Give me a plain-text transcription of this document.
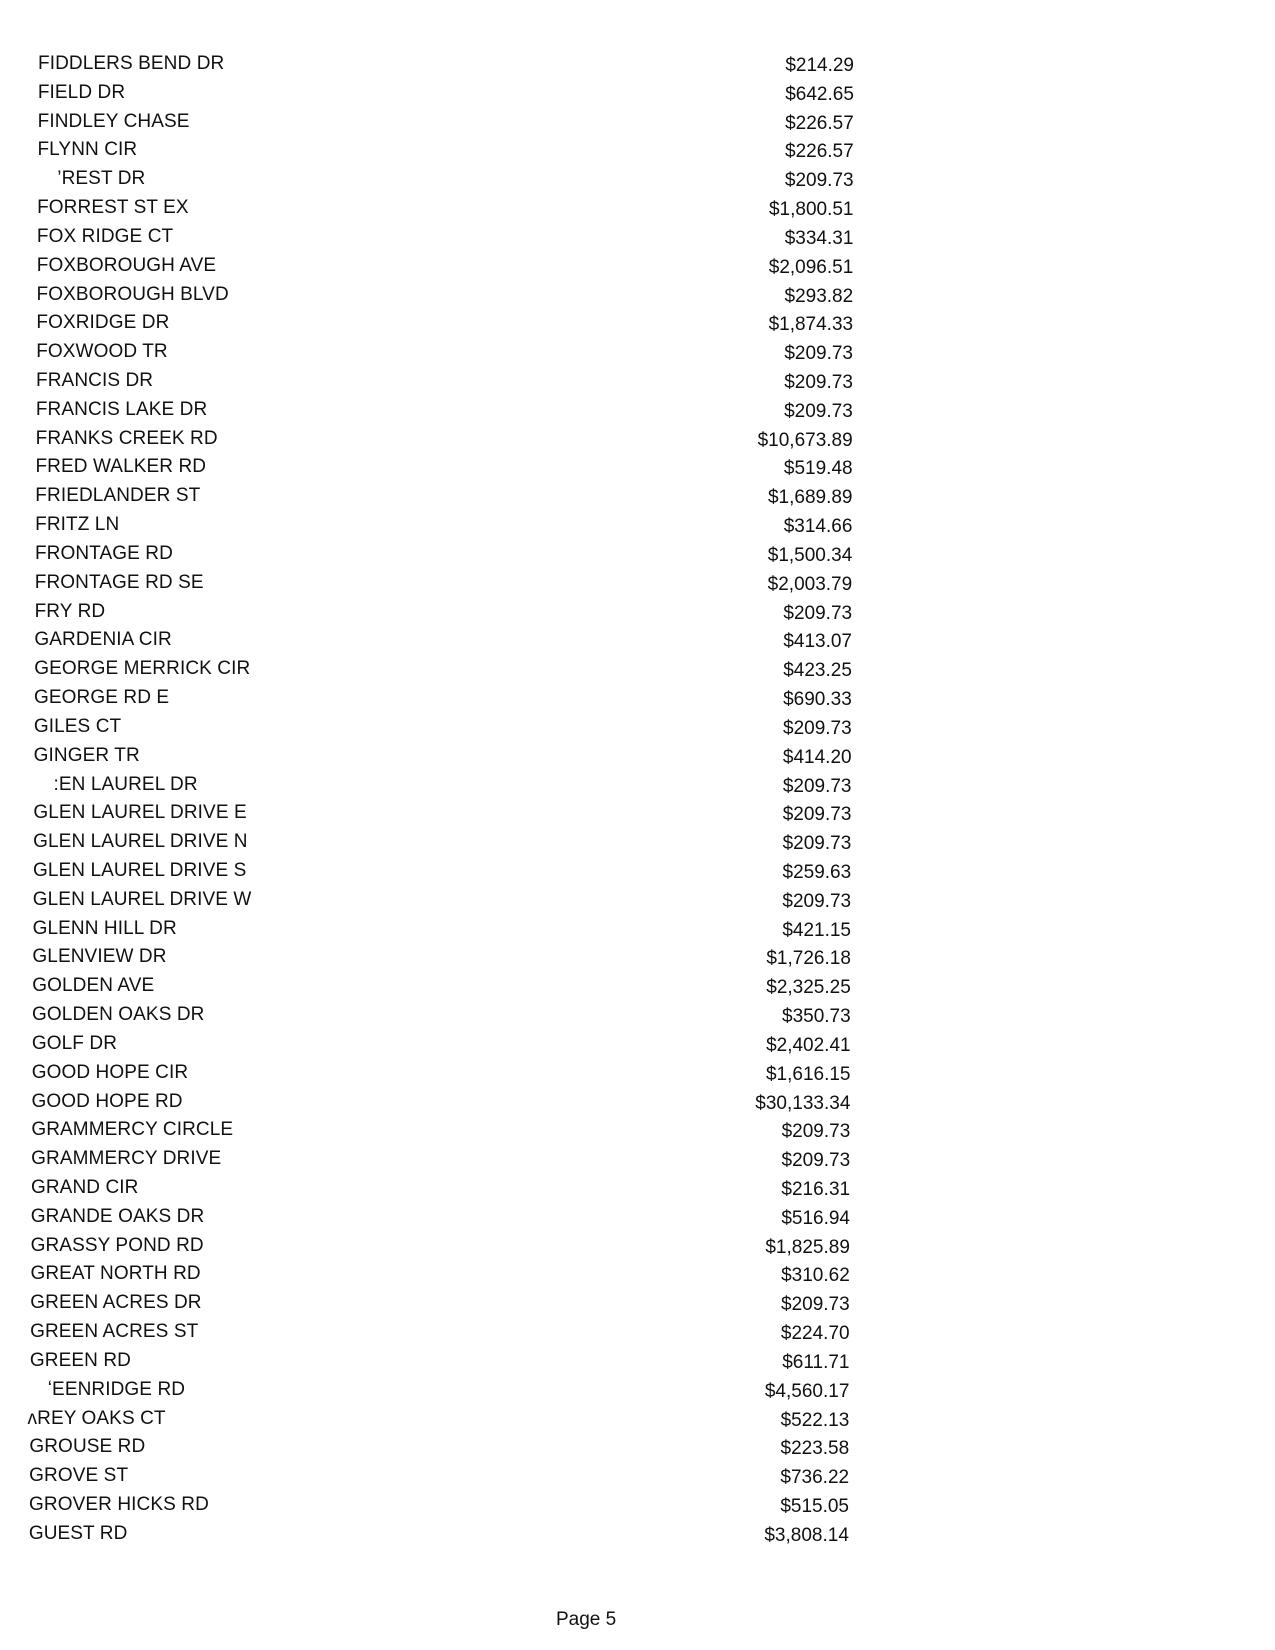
FIDDLERS BEND DR	$214.29
FIELD DR	$642.65
FINDLEY CHASE	$226.57
FLYNN CIR	$226.57
’REST DR	$209.73
FORREST ST EX	$1,800.51
FOX RIDGE CT	$334.31
FOXBOROUGH AVE	$2,096.51
FOXBOROUGH BLVD	$293.82
FOXRIDGE DR	$1,874.33
FOXWOOD TR	$209.73
FRANCIS DR	$209.73
FRANCIS LAKE DR	$209.73
FRANKS CREEK RD	$10,673.89
FRED WALKER RD	$519.48
FRIEDLANDER ST	$1,689.89
FRITZ LN	$314.66
FRONTAGE RD	$1,500.34
FRONTAGE RD SE	$2,003.79
FRY RD	$209.73
GARDENIA CIR	$413.07
GEORGE MERRICK CIR	$423.25
GEORGE RD E	$690.33
GILES CT	$209.73
GINGER TR	$414.20
:EN LAUREL DR	$209.73
GLEN LAUREL DRIVE E	$209.73
GLEN LAUREL DRIVE N	$209.73
GLEN LAUREL DRIVE S	$259.63
GLEN LAUREL DRIVE W	$209.73
GLENN HILL DR	$421.15
GLENVIEW DR	$1,726.18
GOLDEN AVE	$2,325.25
GOLDEN OAKS DR	$350.73
GOLF DR	$2,402.41
GOOD HOPE CIR	$1,616.15
GOOD HOPE RD	$30,133.34
GRAMMERCY CIRCLE	$209.73
GRAMMERCY DRIVE	$209.73
GRAND CIR	$216.31
GRANDE OAKS DR	$516.94
GRASSY POND RD	$1,825.89
GREAT NORTH RD	$310.62
GREEN ACRES DR	$209.73
GREEN ACRES ST	$224.70
GREEN RD	$611.71
ʻEENRIDGE RD	$4,560.17
ʌREY OAKS CT	$522.13
GROUSE RD	$223.58
GROVE ST	$736.22
GROVER HICKS RD	$515.05
GUEST RD	$3,808.14
Page 5
